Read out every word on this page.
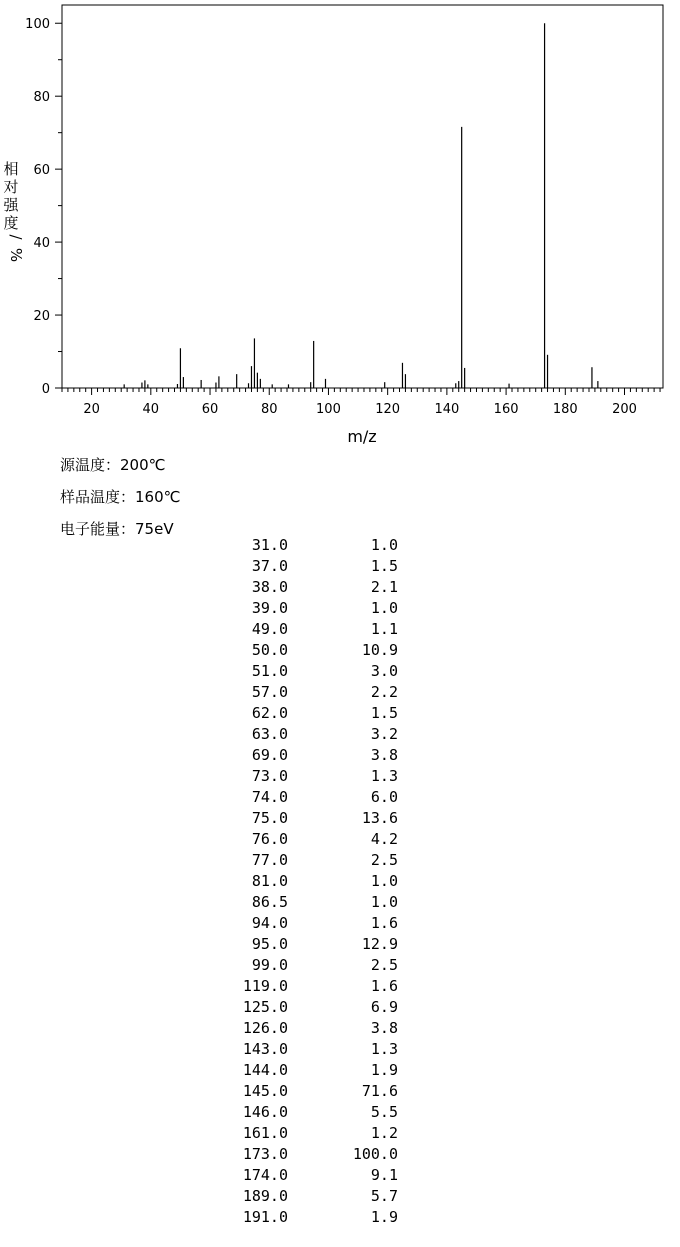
20	40	60	80	100	120	140	160	180	200
0
20
40
60
80
100
m/z
相
对
强
度
/
%
源温度：200℃
样品温度：160℃
电子能量：75eV
31.0	1.0
37.0	1.5
38.0	2.1
39.0	1.0
49.0	1.1
50.0	10.9
51.0	3.0
57.0	2.2
62.0	1.5
63.0	3.2
69.0	3.8
73.0	1.3
74.0	6.0
75.0	13.6
76.0	4.2
77.0	2.5
81.0	1.0
86.5	1.0
94.0	1.6
95.0	12.9
99.0	2.5
119.0	1.6
125.0	6.9
126.0	3.8
143.0	1.3
144.0	1.9
145.0	71.6
146.0	5.5
161.0	1.2
173.0	100.0
174.0	9.1
189.0	5.7
191.0	1.9
